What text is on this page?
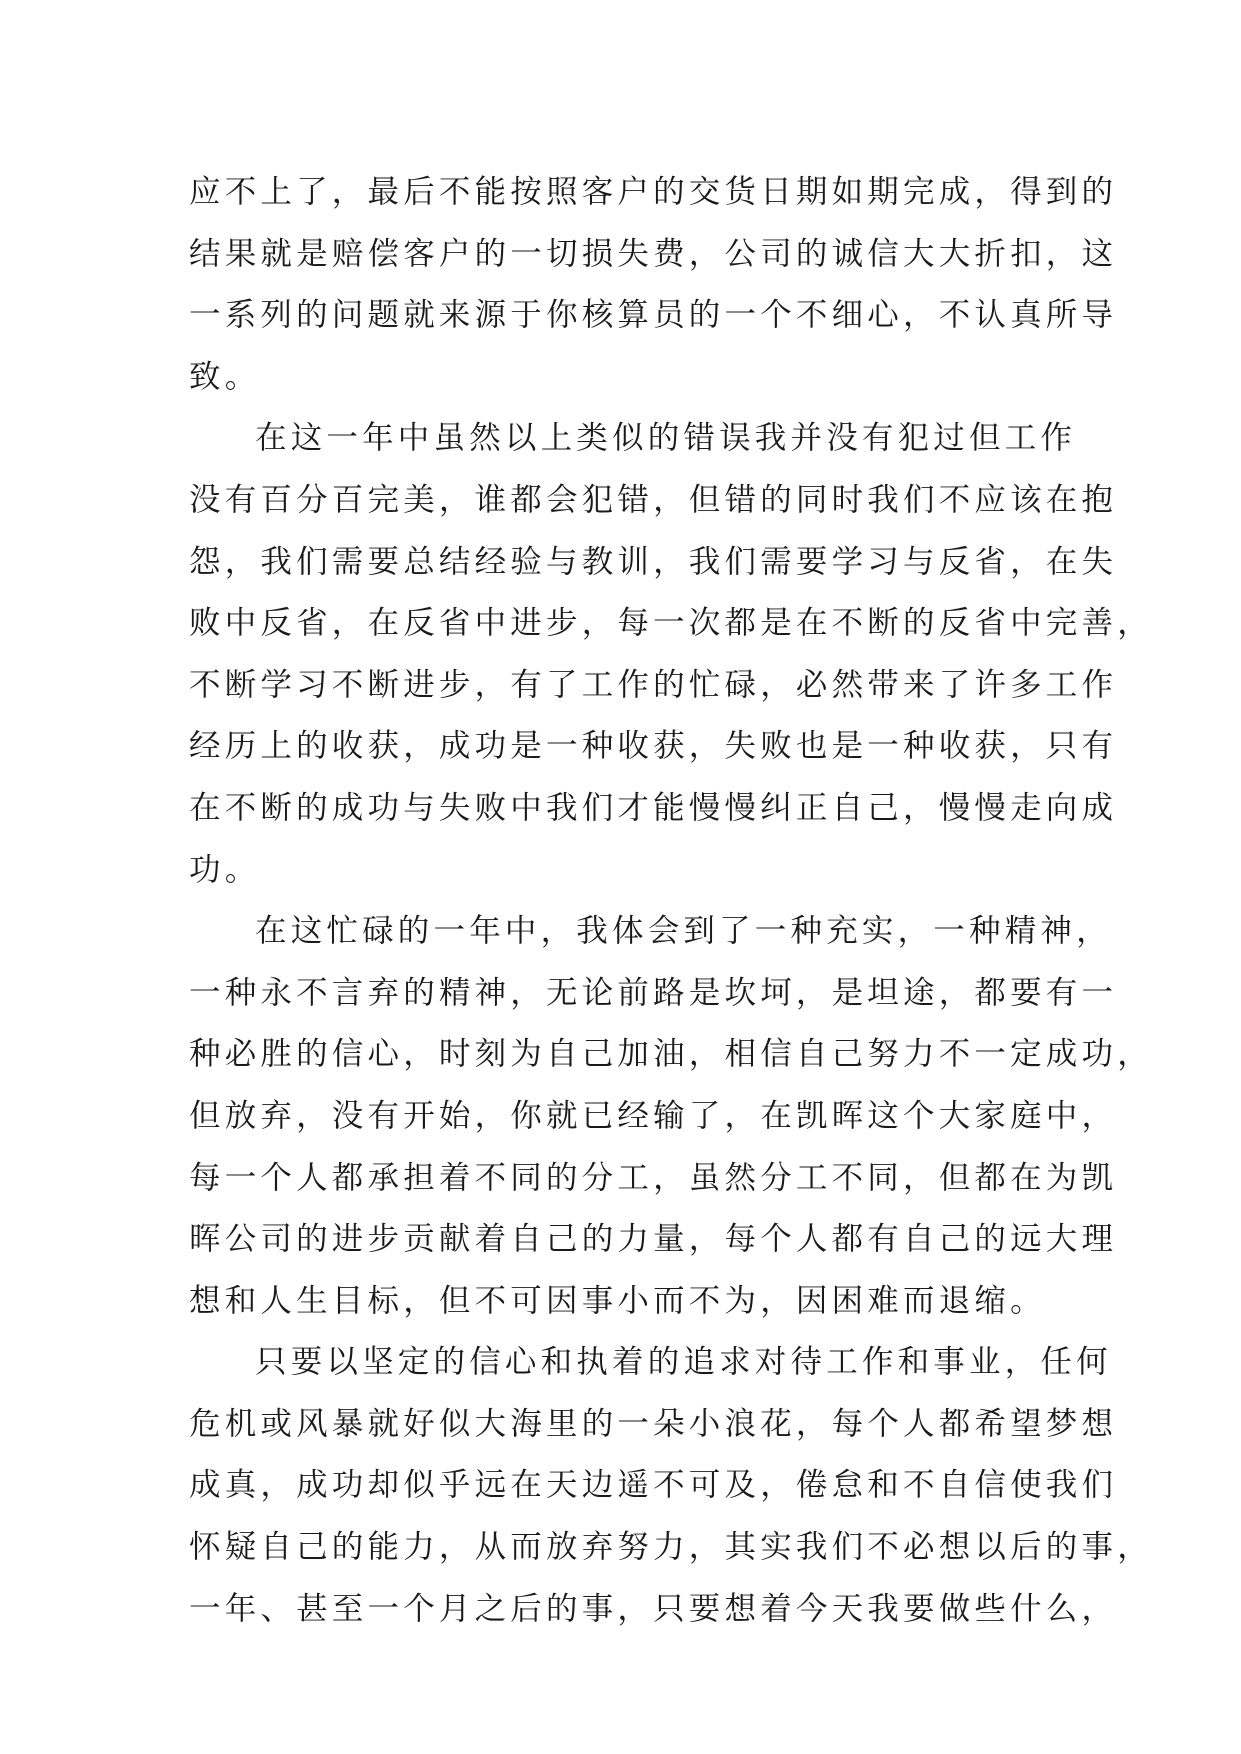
应不上了，最后不能按照客户的交货日期如期完成，得到的
结果就是赔偿客户的一切损失费，公司的诚信大大折扣，这
一系列的问题就来源于你核算员的一个不细心，不认真所导
致。
在这一年中虽然以上类似的错误我并没有犯过但工作
没有百分百完美，谁都会犯错，但错的同时我们不应该在抱
怨，我们需要总结经验与教训，我们需要学习与反省，在失
败中反省，在反省中进步，每一次都是在不断的反省中完善，
不断学习不断进步，有了工作的忙碌，必然带来了许多工作
经历上的收获，成功是一种收获，失败也是一种收获，只有
在不断的成功与失败中我们才能慢慢纠正自己，慢慢走向成
功。
在这忙碌的一年中，我体会到了一种充实，一种精神，
一种永不言弃的精神，无论前路是坎坷，是坦途，都要有一
种必胜的信心，时刻为自己加油，相信自己努力不一定成功，
但放弃，没有开始，你就已经输了，在凯晖这个大家庭中，
每一个人都承担着不同的分工，虽然分工不同，但都在为凯
晖公司的进步贡献着自己的力量，每个人都有自己的远大理
想和人生目标，但不可因事小而不为，因困难而退缩。
只要以坚定的信心和执着的追求对待工作和事业，任何
危机或风暴就好似大海里的一朵小浪花，每个人都希望梦想
成真，成功却似乎远在天边遥不可及，倦怠和不自信使我们
怀疑自己的能力，从而放弃努力，其实我们不必想以后的事，
一年、甚至一个月之后的事，只要想着今天我要做些什么，
